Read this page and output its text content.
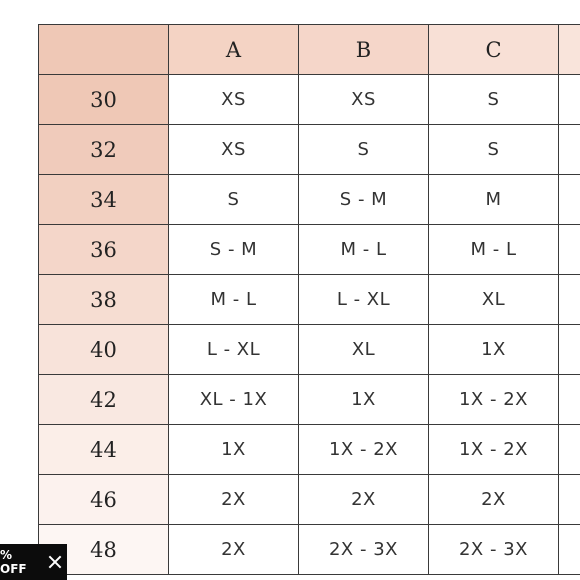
	A	B	C	
30	XS	XS	S	
32	XS	S	S	
34	S	S - M	M	
36	S - M	M - L	M - L	
38	M - L	L - XL	XL	
40	L - XL	XL	1X	
42	XL - 1X	1X	1X - 2X	
44	1X	1X - 2X	1X - 2X	
46	2X	2X	2X	
48	2X	2X - 3X	2X - 3X	
% OFF
